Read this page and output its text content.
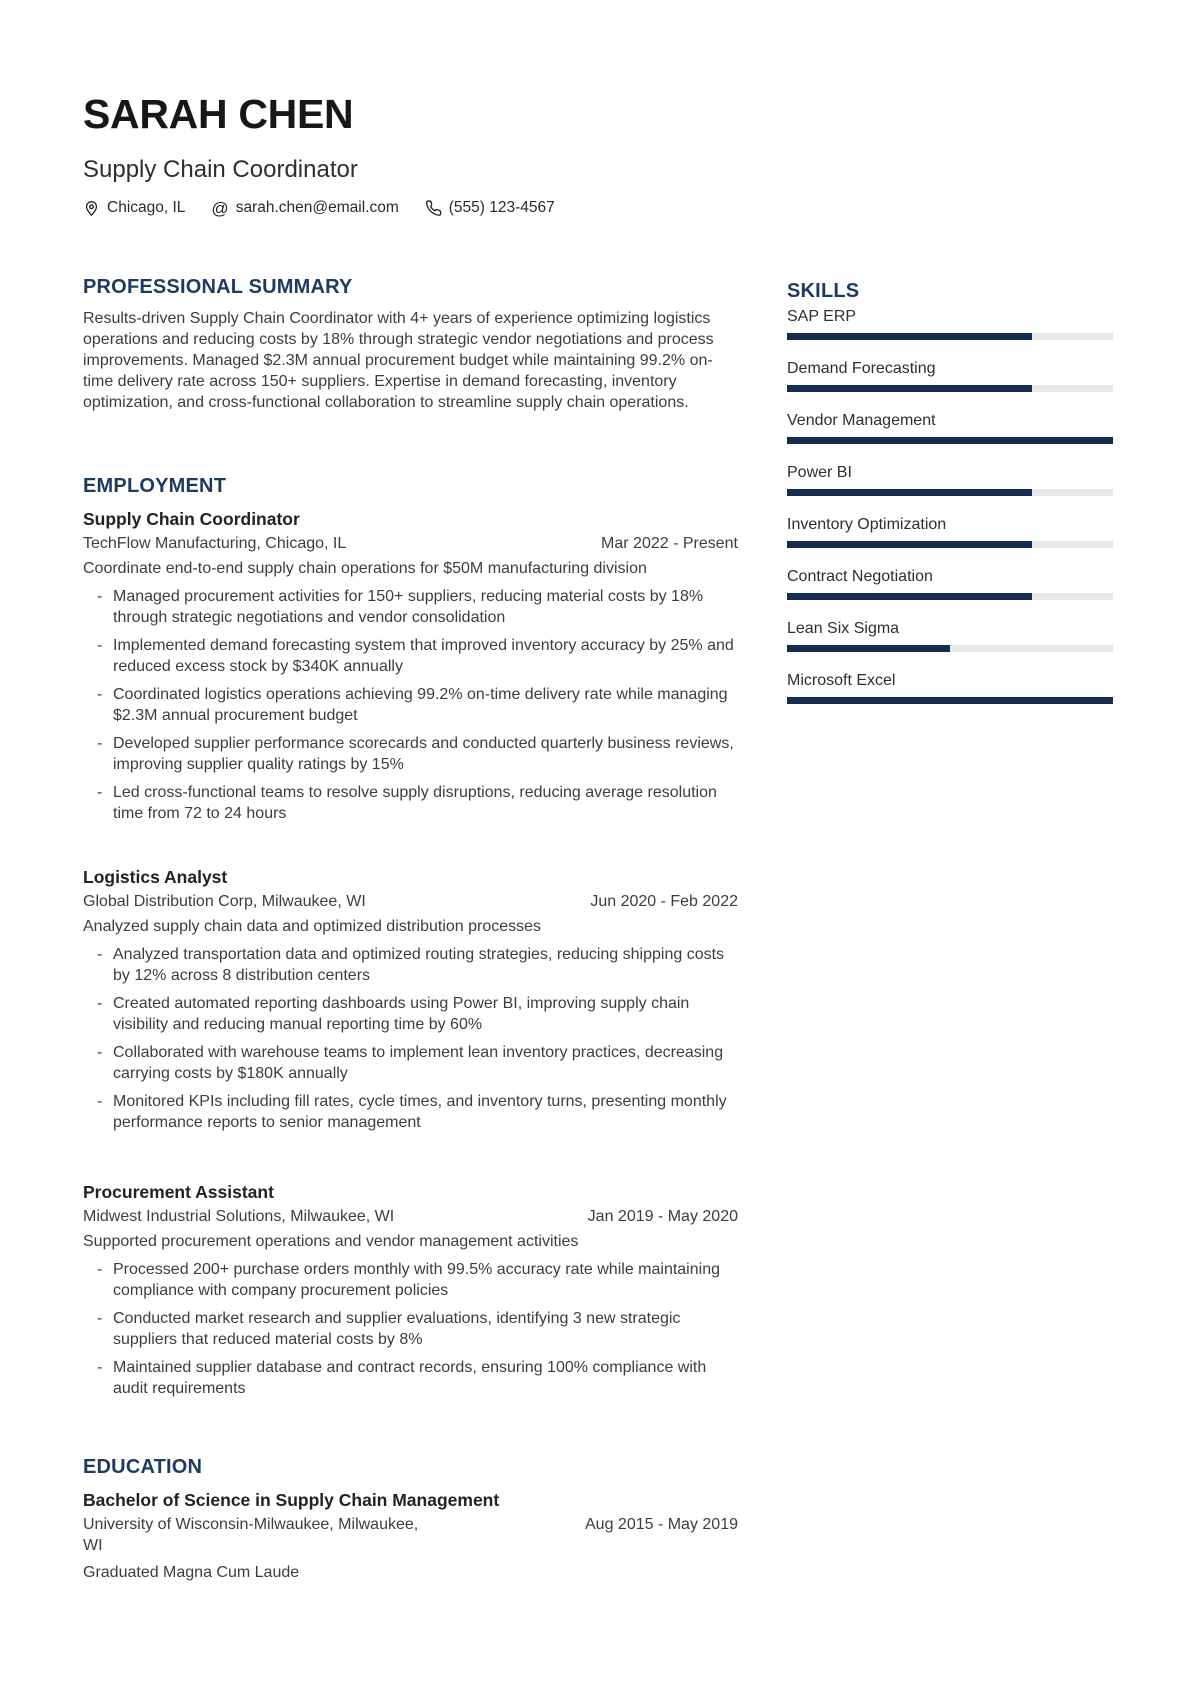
SARAH CHEN
Supply Chain Coordinator
Chicago, IL @ sarah.chen@email.com	(555) 123-4567
PROFESSIONAL SUMMARY

Results-driven Supply Chain Coordinator with 4+ years of experience optimizing logistics operations and reducing costs by 18% through strategic vendor negotiations and process improvements. Managed $2.3M annual procurement budget while maintaining 99.2% on-time delivery rate across 150+ suppliers. Expertise in demand forecasting, inventory optimization, and cross-functional collaboration to streamline supply chain operations.

EMPLOYMENT
Supply Chain Coordinator
TechFlow Manufacturing, Chicago, IL	Mar 2022 - Present

Coordinate end-to-end supply chain operations for $50M manufacturing division

- Managed procurement activities for 150+ suppliers, reducing material costs by 18% through strategic negotiations and vendor consolidation
- Implemented demand forecasting system that improved inventory accuracy by 25% and reduced excess stock by $340K annually
- Coordinated logistics operations achieving 99.2% on-time delivery rate while managing $2.3M annual procurement budget
- Developed supplier performance scorecards and conducted quarterly business reviews, improving supplier quality ratings by 15%
- Led cross-functional teams to resolve supply disruptions, reducing average resolution time from 72 to 24 hours
Logistics Analyst
Global Distribution Corp, Milwaukee, WI	Jun 2020 - Feb 2022

Analyzed supply chain data and optimized distribution processes

- Analyzed transportation data and optimized routing strategies, reducing shipping costs by 12% across 8 distribution centers
- Created automated reporting dashboards using Power BI, improving supply chain visibility and reducing manual reporting time by 60%
- Collaborated with warehouse teams to implement lean inventory practices, decreasing carrying costs by $180K annually
- Monitored KPIs including fill rates, cycle times, and inventory turns, presenting monthly performance reports to senior management
Procurement Assistant
Midwest Industrial Solutions, Milwaukee, WI	Jan 2019 - May 2020

Supported procurement operations and vendor management activities

- Processed 200+ purchase orders monthly with 99.5% accuracy rate while maintaining compliance with company procurement policies
- Conducted market research and supplier evaluations, identifying 3 new strategic suppliers that reduced material costs by 8%
- Maintained supplier database and contract records, ensuring 100% compliance with audit requirements
EDUCATION
Bachelor of Science in Supply Chain Management
University of Wisconsin-Milwaukee, Milwaukee, WI
Aug 2015 - May 2019

Graduated Magna Cum Laude

SKILLS
SAP ERP
Demand Forecasting
Vendor Management
Power BI
Inventory Optimization
Contract Negotiation
Lean Six Sigma
Microsoft Excel
